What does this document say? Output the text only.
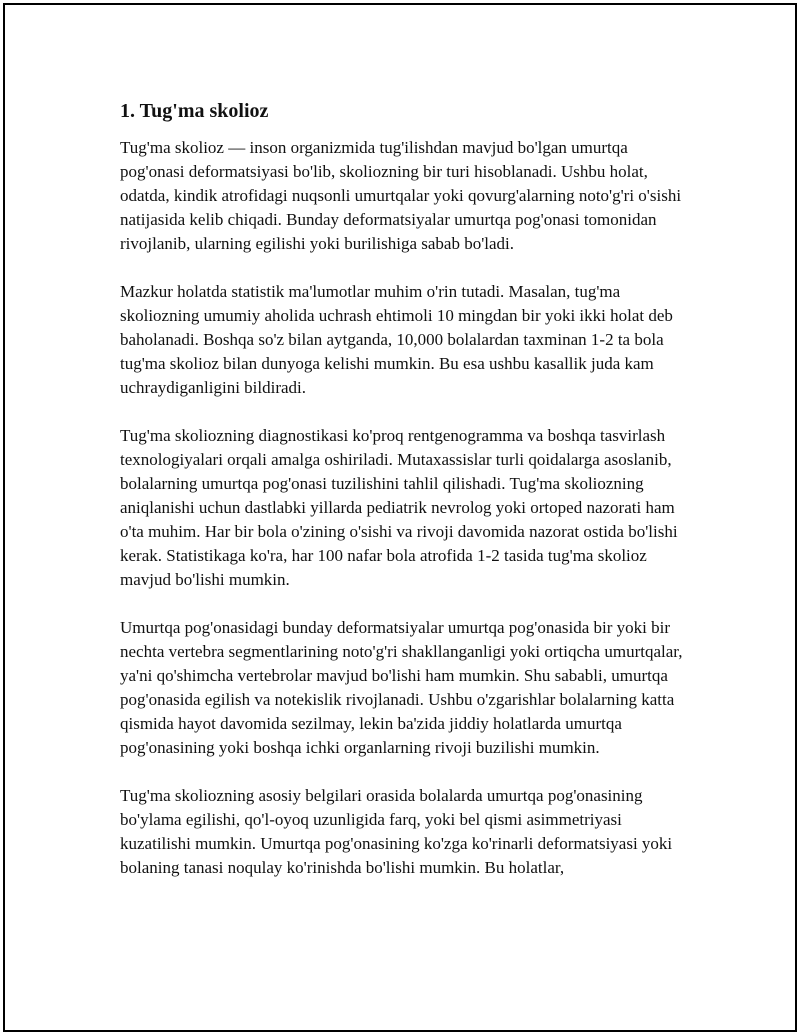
1. Tug'ma skolioz

Tug'ma skolioz — inson organizmida tug'ilishdan mavjud bo'lgan umurtqa pog'onasi deformatsiyasi bo'lib, skoliozning bir turi hisoblanadi. Ushbu holat, odatda, kindik atrofidagi nuqsonli umurtqalar yoki qovurg'alarning noto'g'ri o'sishi natijasida kelib chiqadi. Bunday deformatsiyalar umurtqa pog'onasi tomonidan rivojlanib, ularning egilishi yoki burilishiga sabab bo'ladi.

Mazkur holatda statistik ma'lumotlar muhim o'rin tutadi. Masalan, tug'ma skoliozning umumiy aholida uchrash ehtimoli 10 mingdan bir yoki ikki holat deb baholanadi. Boshqa so'z bilan aytganda, 10,000 bolalardan taxminan 1-2 ta bola tug'ma skolioz bilan dunyoga kelishi mumkin. Bu esa ushbu kasallik juda kam uchraydiganligini bildiradi.

Tug'ma skoliozning diagnostikasi ko'proq rentgenogramma va boshqa tasvirlash texnologiyalari orqali amalga oshiriladi. Mutaxassislar turli qoidalarga asoslanib, bolalarning umurtqa pog'onasi tuzilishini tahlil qilishadi. Tug'ma skoliozning aniqlanishi uchun dastlabki yillarda pediatrik nevrolog yoki ortoped nazorati ham o'ta muhim. Har bir bola o'zining o'sishi va rivoji davomida nazorat ostida bo'lishi kerak. Statistikaga ko'ra, har 100 nafar bola atrofida 1-2 tasida tug'ma skolioz mavjud bo'lishi mumkin.

Umurtqa pog'onasidagi bunday deformatsiyalar umurtqa pog'onasida bir yoki bir nechta vertebra segmentlarining noto'g'ri shakllanganligi yoki ortiqcha umurtqalar, ya'ni qo'shimcha vertebrolar mavjud bo'lishi ham mumkin. Shu sababli, umurtqa pog'onasida egilish va notekislik rivojlanadi. Ushbu o'zgarishlar bolalarning katta qismida hayot davomida sezilmay, lekin ba'zida jiddiy holatlarda umurtqa pog'onasining yoki boshqa ichki organlarning rivoji buzilishi mumkin.

Tug'ma skoliozning asosiy belgilari orasida bolalarda umurtqa pog'onasining bo'ylama egilishi, qo'l-oyoq uzunligida farq, yoki bel qismi asimmetriyasi kuzatilishi mumkin. Umurtqa pog'onasining ko'zga ko'rinarli deformatsiyasi yoki bolaning tanasi noqulay ko'rinishda bo'lishi mumkin. Bu holatlar,
